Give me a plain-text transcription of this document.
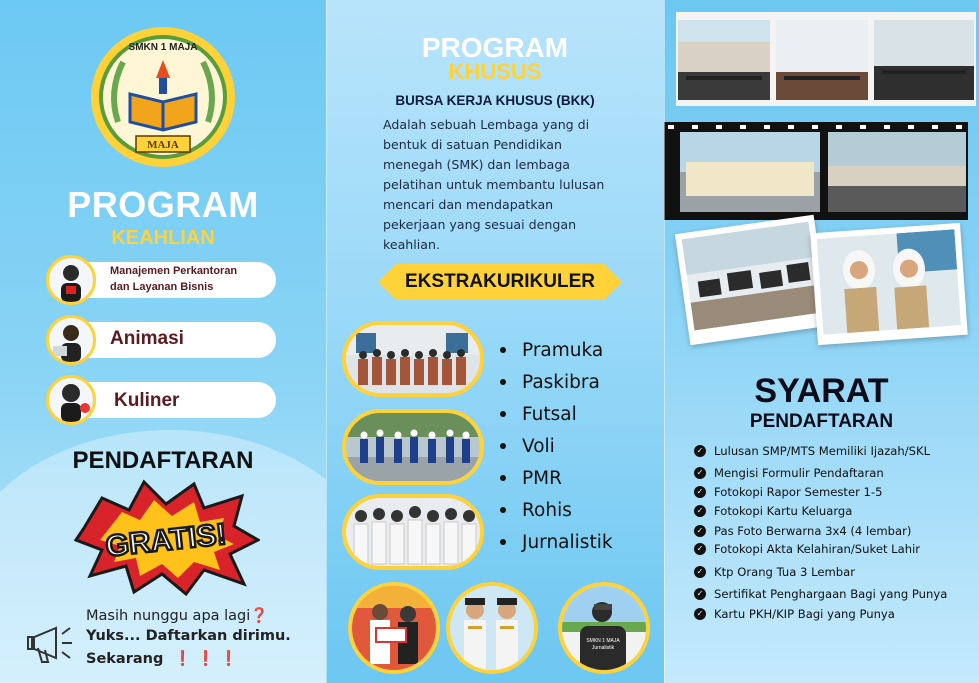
MAJA
SMKN 1 MAJA
PROGRAM
KEAHLIAN
Manajemen Perkantoran
dan Layanan Bisnis
Animasi
Kuliner
PENDAFTARAN
GRATIS!
Masih nunggu apa lagi❓
Yuks... Daftarkan dirimu.
Sekarang ❗ ❗ ❗
PROGRAM
KHUSUS
BURSA KERJA KHUSUS (BKK)
Adalah sebuah Lembaga yang di
bentuk di satuan Pendidikan
menegah (SMK) dan lembaga
pelatihan untuk membantu lulusan
mencari dan mendapatkan
pekerjaan yang sesuai dengan
keahlian.
EKSTRAKURIKULER
Pramuka
Paskibra
Futsal
Voli
PMR
Rohis
Jurnalistik
SMKN 1 MAJA
Jurnalistik
SYARAT
PENDAFTARAN
✓ Lulusan SMP/MTS Memiliki Ijazah/SKL
✓ Mengisi Formulir Pendaftaran
✓ Fotokopi Rapor Semester 1-5
✓ Fotokopi Kartu Keluarga
✓ Pas Foto Berwarna 3x4 (4 lembar)
✓ Fotokopi Akta Kelahiran/Suket Lahir
✓ Ktp Orang Tua 3 Lembar
✓ Sertifikat Penghargaan Bagi yang Punya
✓ Kartu PKH/KIP Bagi yang Punya
